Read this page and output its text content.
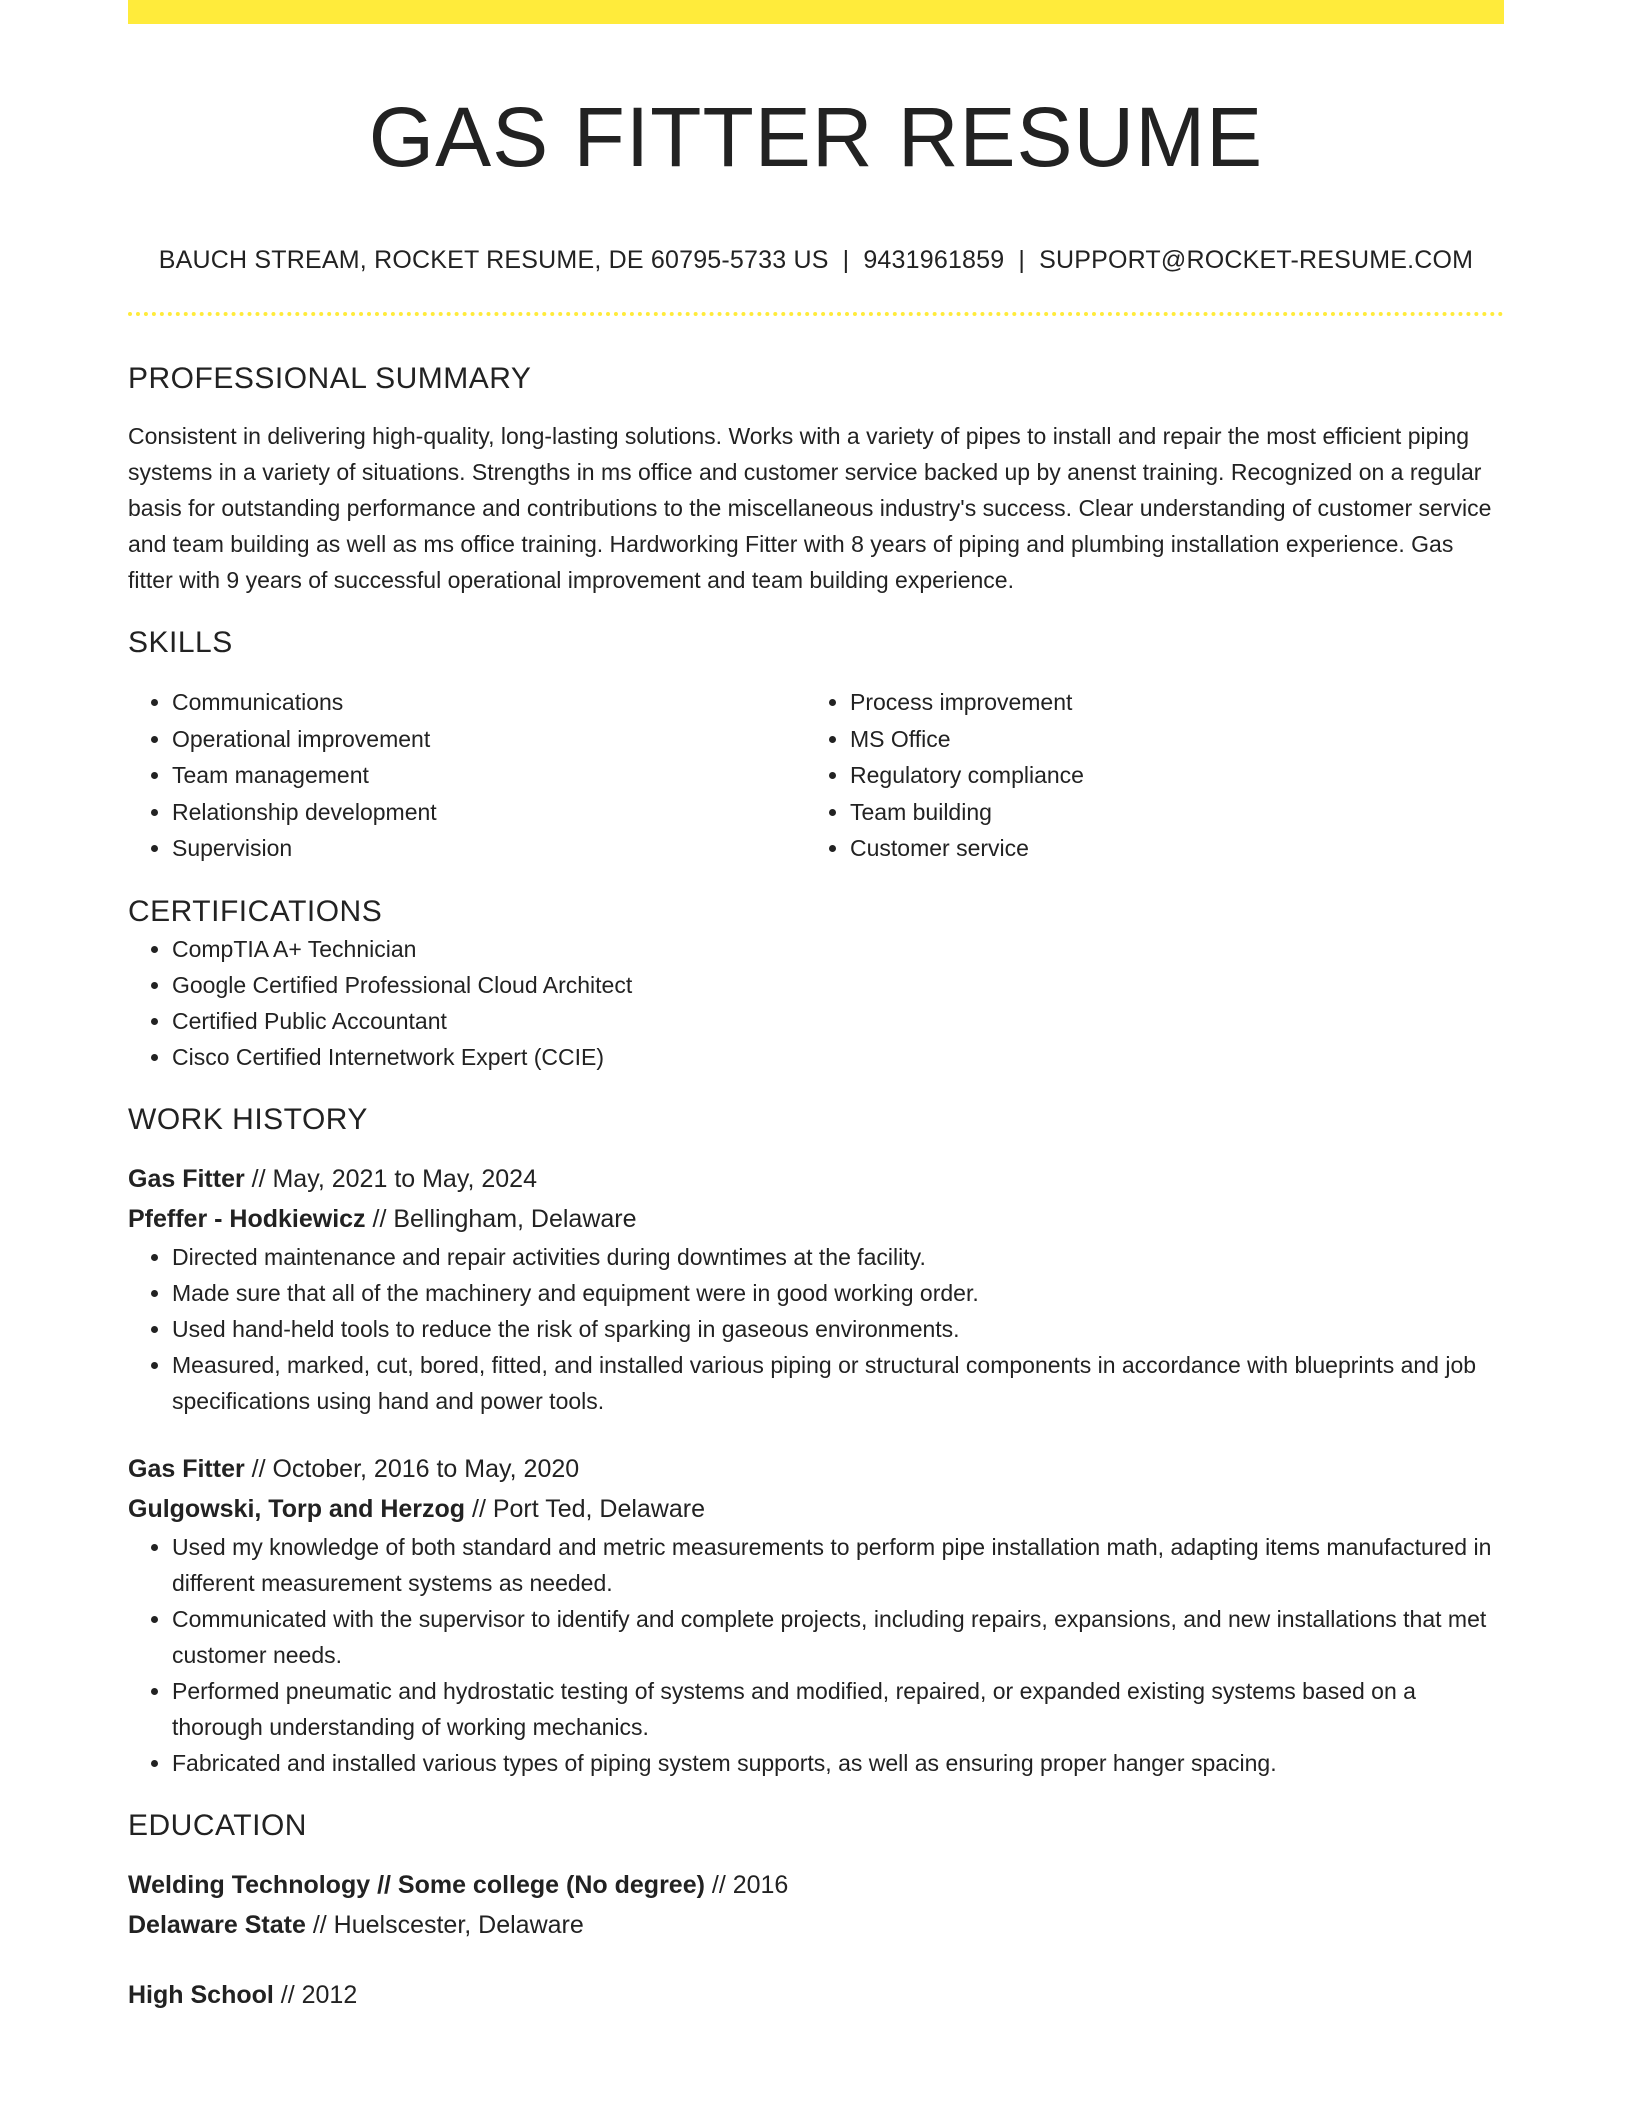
GAS FITTER RESUME
BAUCH STREAM, ROCKET RESUME, DE 60795-5733 US | 9431961859 | SUPPORT@ROCKET-RESUME.COM
PROFESSIONAL SUMMARY
Consistent in delivering high-quality, long-lasting solutions. Works with a variety of pipes to install and repair the most efficient piping systems in a variety of situations. Strengths in ms office and customer service backed up by anenst training. Recognized on a regular basis for outstanding performance and contributions to the miscellaneous industry's success. Clear understanding of customer service and team building as well as ms office training. Hardworking Fitter with 8 years of piping and plumbing installation experience. Gas fitter with 9 years of successful operational improvement and team building experience.
SKILLS
• Communications
• Operational improvement
• Team management
• Relationship development
• Supervision
• Process improvement
• MS Office
• Regulatory compliance
• Team building
• Customer service
CERTIFICATIONS
• CompTIA A+ Technician
• Google Certified Professional Cloud Architect
• Certified Public Accountant
• Cisco Certified Internetwork Expert (CCIE)
WORK HISTORY
Gas Fitter // May, 2021 to May, 2024
Pfeffer - Hodkiewicz // Bellingham, Delaware
• Directed maintenance and repair activities during downtimes at the facility.
• Made sure that all of the machinery and equipment were in good working order.
• Used hand-held tools to reduce the risk of sparking in gaseous environments.
• Measured, marked, cut, bored, fitted, and installed various piping or structural components in accordance with blueprints and job specifications using hand and power tools.
Gas Fitter // October, 2016 to May, 2020
Gulgowski, Torp and Herzog // Port Ted, Delaware
• Used my knowledge of both standard and metric measurements to perform pipe installation math, adapting items manufactured in different measurement systems as needed.
• Communicated with the supervisor to identify and complete projects, including repairs, expansions, and new installations that met customer needs.
• Performed pneumatic and hydrostatic testing of systems and modified, repaired, or expanded existing systems based on a thorough understanding of working mechanics.
• Fabricated and installed various types of piping system supports, as well as ensuring proper hanger spacing.
EDUCATION
Welding Technology // Some college (No degree) // 2016
Delaware State // Huelscester, Delaware
High School // 2012
